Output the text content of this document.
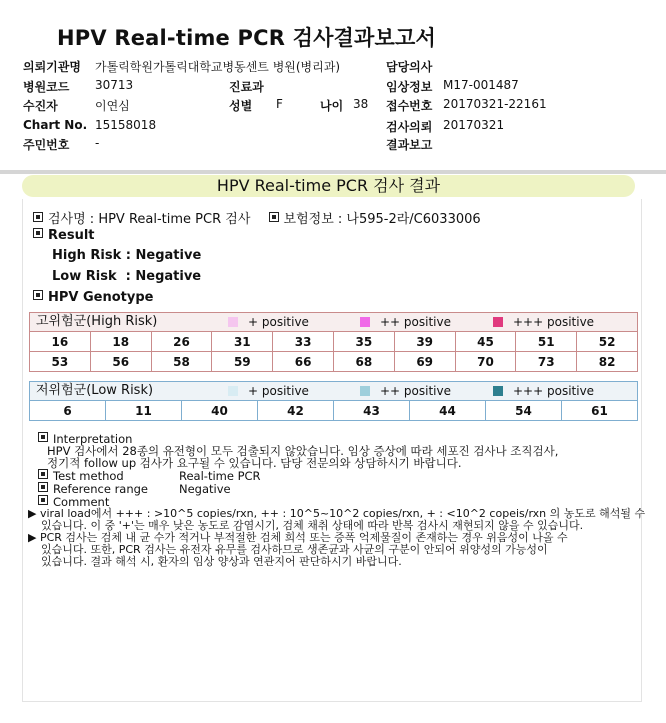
HPV Real-time PCR 검사결과보고서
의뢰기관명 가톨릭학원가톨릭대학교병동센트 병원(병리과)
병원코드 30713
수진자	이연심
Chart No. 15158018
주민번호 -
진료과
성별 F	나이 38
담당의사
임상정보 M17-001487
접수번호 20170321-22161
검사의뢰 20170321
결과보고
HPV Real-time PCR 검사 결과
검사명 : HPV Real-time PCR 검사	보험정보 : 나595-2라/C6033006
Result
High Risk : Negative
Low Risk  : Negative
HPV Genotype
고위험군(High Risk)	+ positive	++ positive	+++ positive
16	18	26	31	33	35	39	45	51	52
53	56	58	59	66	68	69	70	73	82
저위험군(Low Risk)	+ positive	++ positive	+++ positive
6	11	40	42	43	44	54	61
Interpretation
HPV 검사에서 28종의 유전형이 모두 검출되지 않았습니다. 임상 증상에 따라 세포진 검사나 조직검사,
정기적 follow up 검사가 요구될 수 있습니다. 담당 전문의와 상담하시기 바랍니다.
Test method	Real-time PCR
Reference range	Negative
Comment
▶ viral load에서 +++ : >10^5 copies/rxn, ++ : 10^5~10^2 copies/rxn, + : <10^2 copeis/rxn 의 농도로 해석될 수
있습니다. 이 중 '+'는 매우 낮은 농도로 감염시기, 검체 채취 상태에 따라 반복 검사시 재현되지 않을 수 있습니다.
▶ PCR 검사는 검체 내 균 수가 적거나 부적절한 검체 희석 또는 증폭 억제물질이 존재하는 경우 위음성이 나올 수
있습니다. 또한, PCR 검사는 유전자 유무를 검사하므로 생존균과 사균의 구분이 안되어 위양성의 가능성이
있습니다. 결과 해석 시, 환자의 임상 양상과 연관지어 판단하시기 바랍니다.
